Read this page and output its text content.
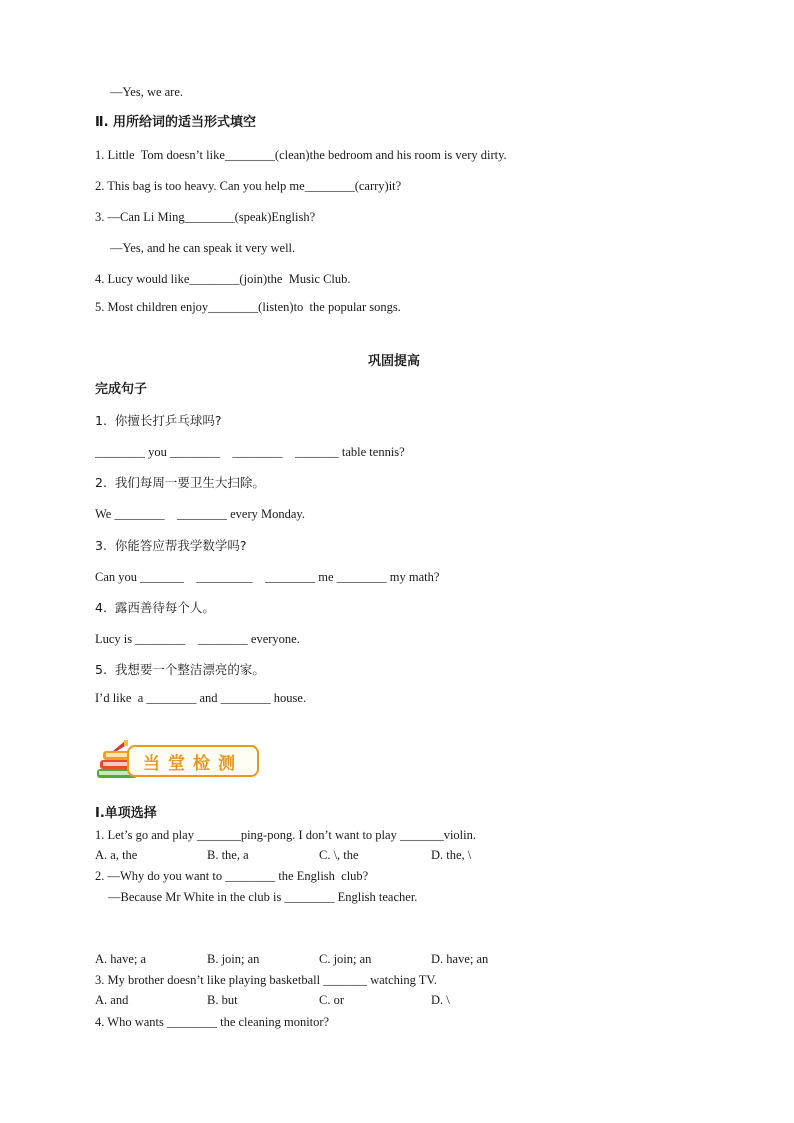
—Yes, we are.
Ⅱ. 用所给词的适当形式填空
1. Little  Tom doesn’t like________(clean)the bedroom and his room is very dirty.
2. This bag is too heavy. Can you help me________(carry)it?
3. —Can Li Ming________(speak)English?
—Yes, and he can speak it very well.
4. Lucy would like________(join)the  Music Club.
5. Most children enjoy________(listen)to  the popular songs.
巩固提高
完成句子
1.  你擅长打乒乓球吗?
________ you ________    ________    _______ table tennis?
2.  我们每周一要卫生大扫除。
We ________    ________ every Monday.
3.  你能答应帮我学数学吗?
Can you _______    _________    ________ me ________ my math?
4.  露西善待每个人。
Lucy is ________    ________ everyone.
5.  我想要一个整洁漂亮的家。
I’d like  a ________ and ________ house.
当堂检测
Ⅰ.单项选择
1. Let’s go and play _______ping-pong. I don’t want to play _______violin.
A. a, the	B. the, a	C. \, the	D. the, \
2. —Why do you want to ________ the English  club?
—Because Mr White in the club is ________ English teacher.
A. have; a	B. join; an	C. join; an	D. have; an
3. My brother doesn’t like playing basketball _______ watching TV.
A. and	B. but	C. or	D. \
4. Who wants ________ the cleaning monitor?
